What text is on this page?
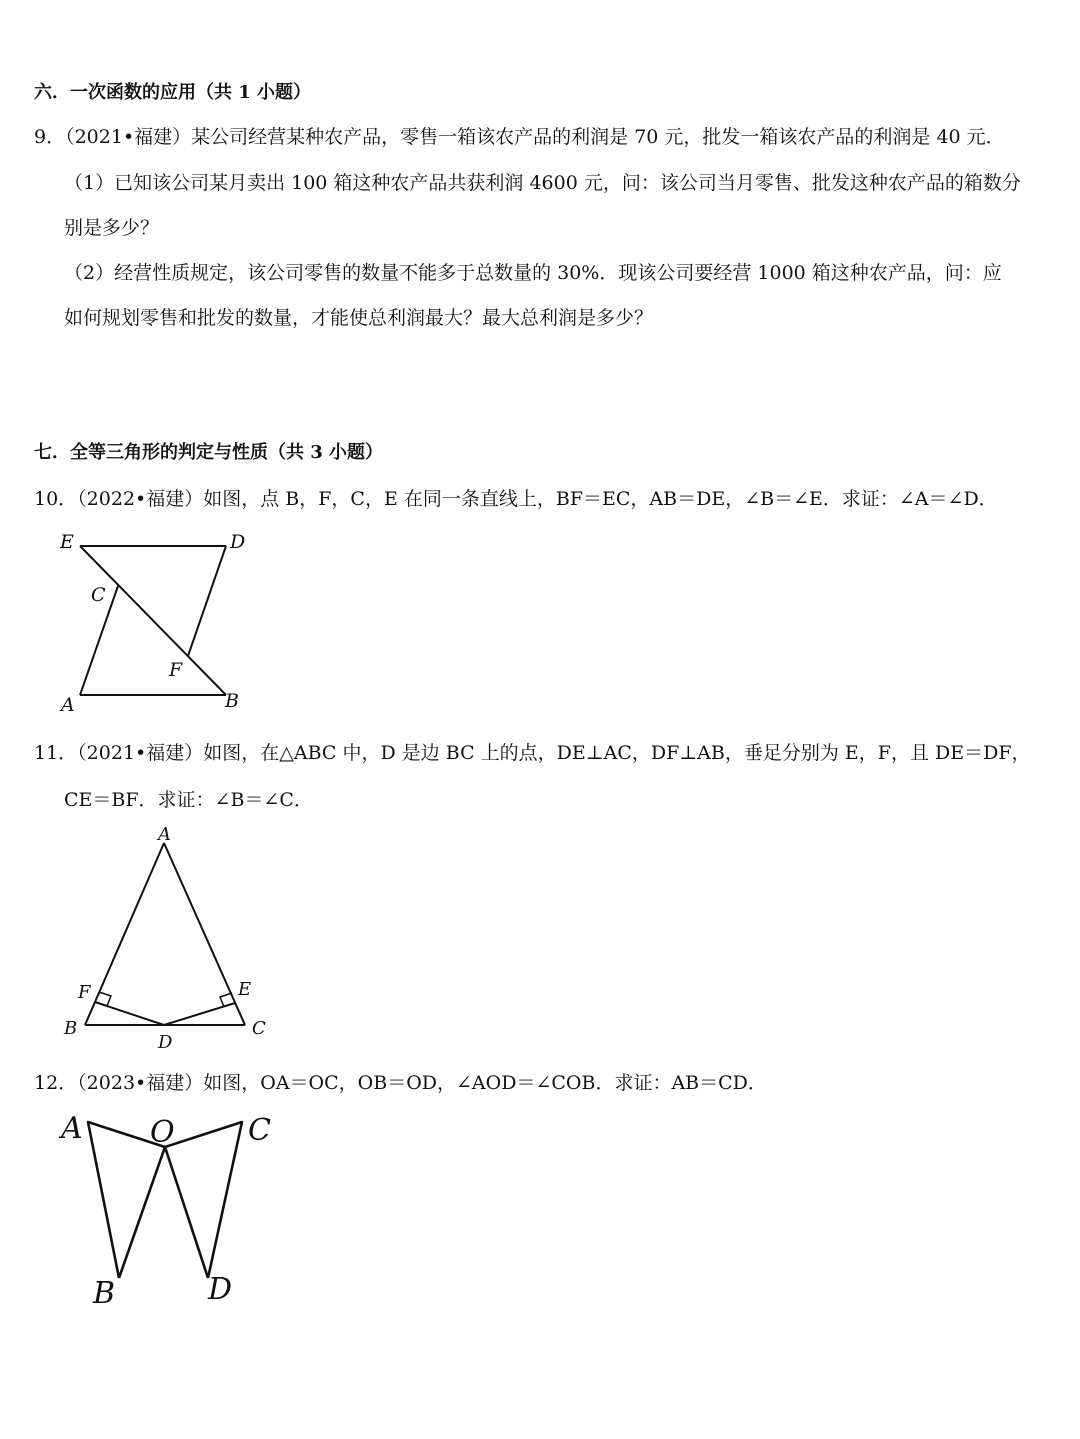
六．一次函数的应用（共 1 小题）
9．（2021•福建）某公司经营某种农产品，零售一箱该农产品的利润是 70 元，批发一箱该农产品的利润是 40 元．
（1）已知该公司某月卖出 100 箱这种农产品共获利润 4600 元，问：该公司当月零售、批发这种农产品的箱数分
别是多少？
（2）经营性质规定，该公司零售的数量不能多于总数量的 30%．现该公司要经营 1000 箱这种农产品，问：应
如何规划零售和批发的数量，才能使总利润最大？最大总利润是多少？
七．全等三角形的判定与性质（共 3 小题）
10．（2022•福建）如图，点 B，F，C，E 在同一条直线上，BF＝EC，AB＝DE，∠B＝∠E．求证：∠A＝∠D．
E	D
C
F
A	B
11．（2021•福建）如图，在△ABC 中，D 是边 BC 上的点，DE⊥AC，DF⊥AB，垂足分别为 E，F，且 DE＝DF，
CE＝BF．求证：∠B＝∠C．
A
F	E
B	C
D
12．（2023•福建）如图，OA＝OC，OB＝OD，∠AOD＝∠COB．求证：AB＝CD．
A O C
B	D
